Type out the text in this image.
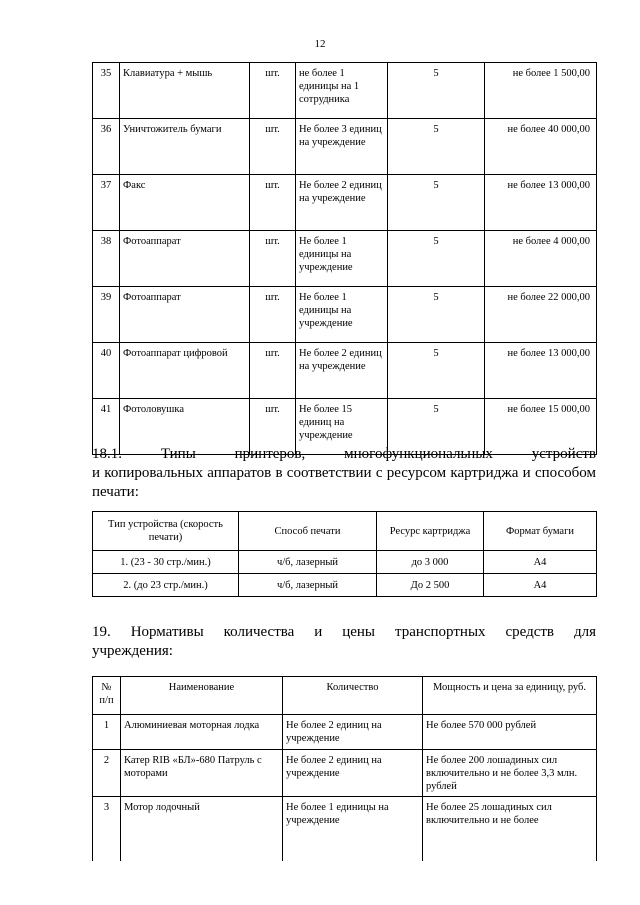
12
35	Клавиатура + мышь	шт.	не более 1 единицы на 1 сотрудника	5	не более 1 500,00
36	Уничтожитель бумаги	шт.	Не более 3 единиц на учреждение	5	не более 40 000,00
37	Факс	шт.	Не более 2 единиц на учреждение	5	не более 13 000,00
38	Фотоаппарат	шт.	Не более 1 единицы на учреждение	5	не более 4 000,00
39	Фотоаппарат	шт.	Не более 1 единицы на учреждение	5	не более 22 000,00
40	Фотоаппарат цифровой	шт.	Не более 2 единиц на учреждение	5	не более 13 000,00
41	Фотоловушка	шт.	Не более 15 единиц на учреждение	5	не более 15 000,00
18.1.	Типы	принтеров,	многофункциональных	устройств
и копировальных аппаратов в соответствии с ресурсом картриджа и способом печати:
Тип устройства (скорость печати)	Способ печати	Ресурс картриджа	Формат бумаги
1. (23 - 30 стр./мин.)	ч/б, лазерный	до 3 000	А4
2. (до 23 стр./мин.)	ч/б, лазерный	До 2 500	А4
19. Нормативы количества и цены транспортных средств для
учреждения:
№ п/п	Наименование	Количество	Мощность и цена за единицу, руб.
1	Алюминиевая моторная лодка	Не более 2 единиц на учреждение	Не более 570 000 рублей
2	Катер RIB «БЛ»-680 Патруль с моторами	Не более 2 единиц на учреждение	Не более 200 лошадиных сил включительно и не более 3,3 млн. рублей
3	Мотор лодочный	Не более 1 единицы на учреждение	Не более 25 лошадиных сил включительно и не более
